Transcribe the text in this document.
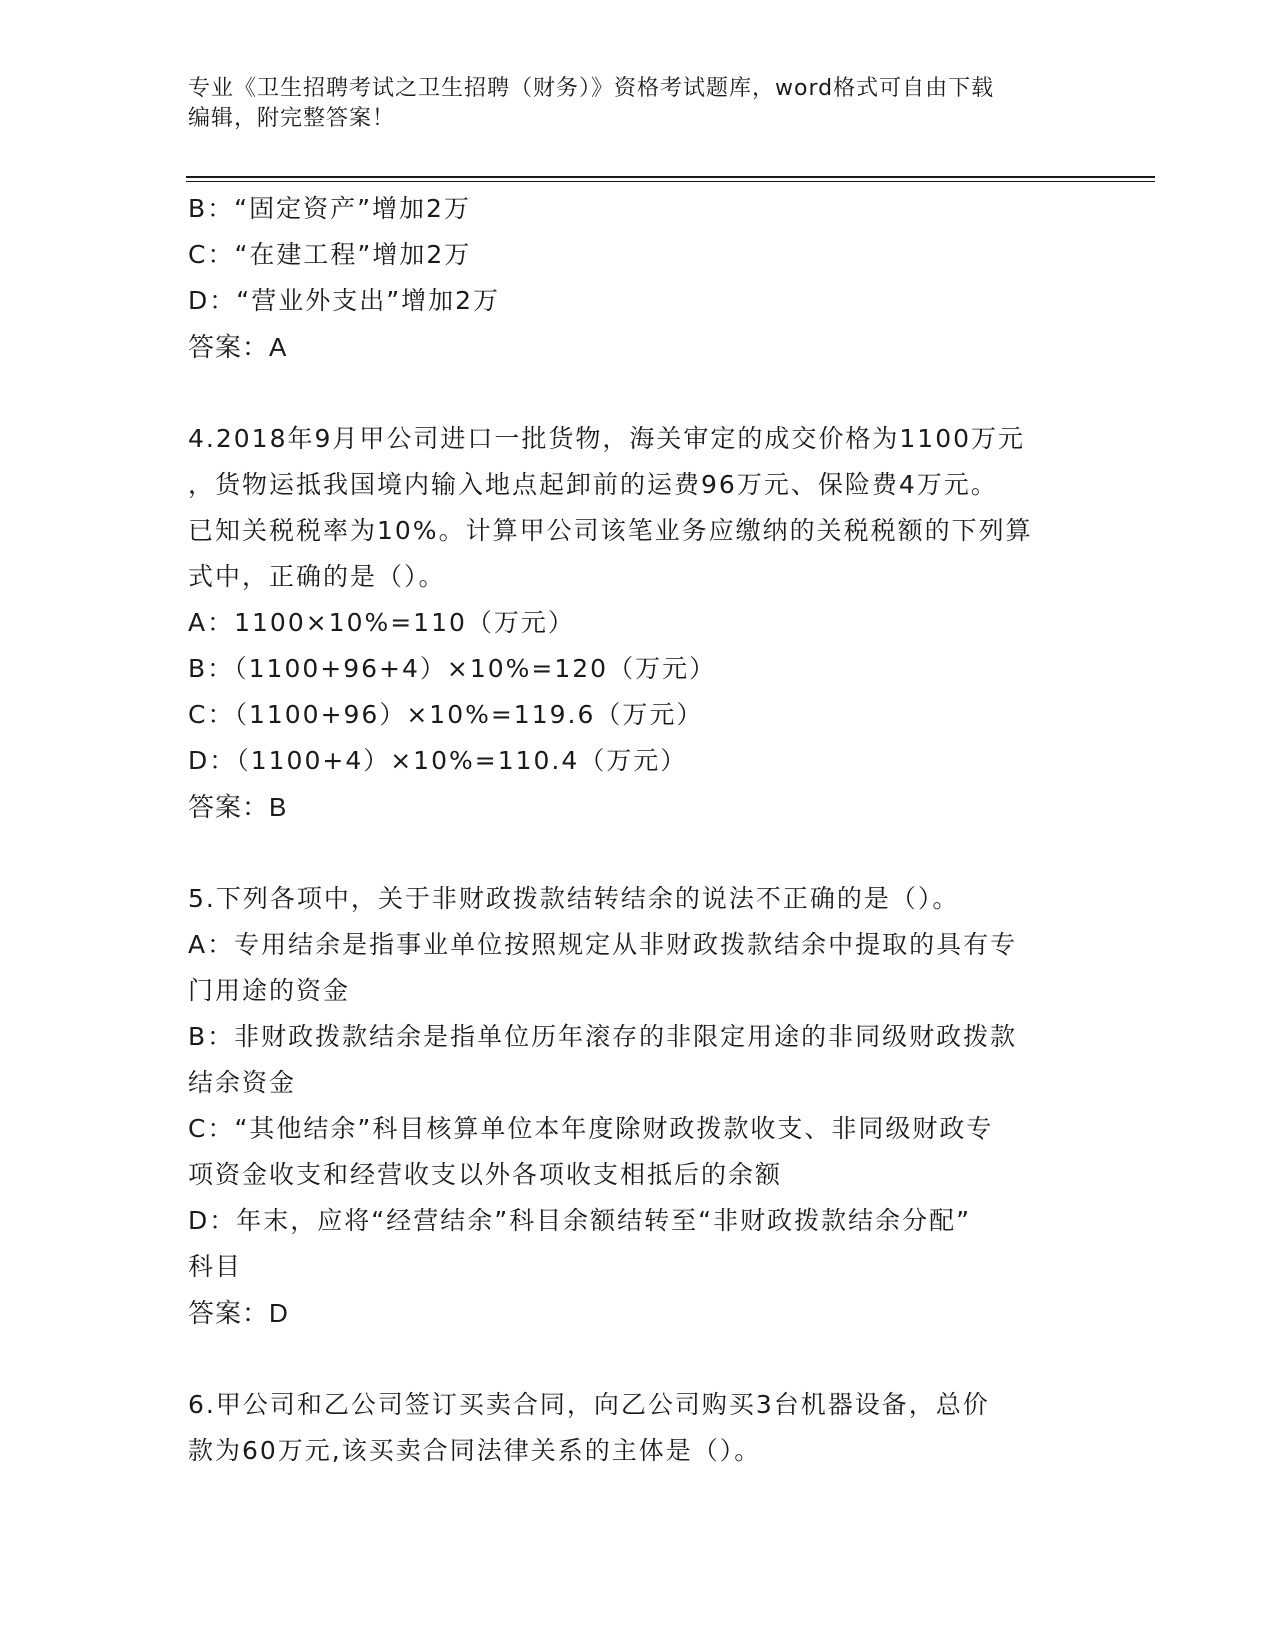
专业《卫生招聘考试之卫生招聘（财务）》资格考试题库，word格式可自由下载
编辑，附完整答案！
B：“固定资产”增加2万
C：“在建工程”增加2万
D：“营业外支出”增加2万
答案：A
4.2018年9月甲公司进口一批货物，海关审定的成交价格为1100万元
，货物运抵我国境内输入地点起卸前的运费96万元、保险费4万元。
已知关税税率为10%。计算甲公司该笔业务应缴纳的关税税额的下列算
式中，正确的是（）。
A：1100×10%=110（万元）
B：（1100+96+4）×10%=120（万元）
C：（1100+96）×10%=119.6（万元）
D：（1100+4）×10%=110.4（万元）
答案：B
5.下列各项中，关于非财政拨款结转结余的说法不正确的是（）。
A：专用结余是指事业单位按照规定从非财政拨款结余中提取的具有专
门用途的资金
B：非财政拨款结余是指单位历年滚存的非限定用途的非同级财政拨款
结余资金
C：“其他结余”科目核算单位本年度除财政拨款收支、非同级财政专
项资金收支和经营收支以外各项收支相抵后的余额
D：年末，应将“经营结余”科目余额结转至“非财政拨款结余分配”
科目
答案：D
6.甲公司和乙公司签订买卖合同，向乙公司购买3台机器设备，总价
款为60万元,该买卖合同法律关系的主体是（）。
